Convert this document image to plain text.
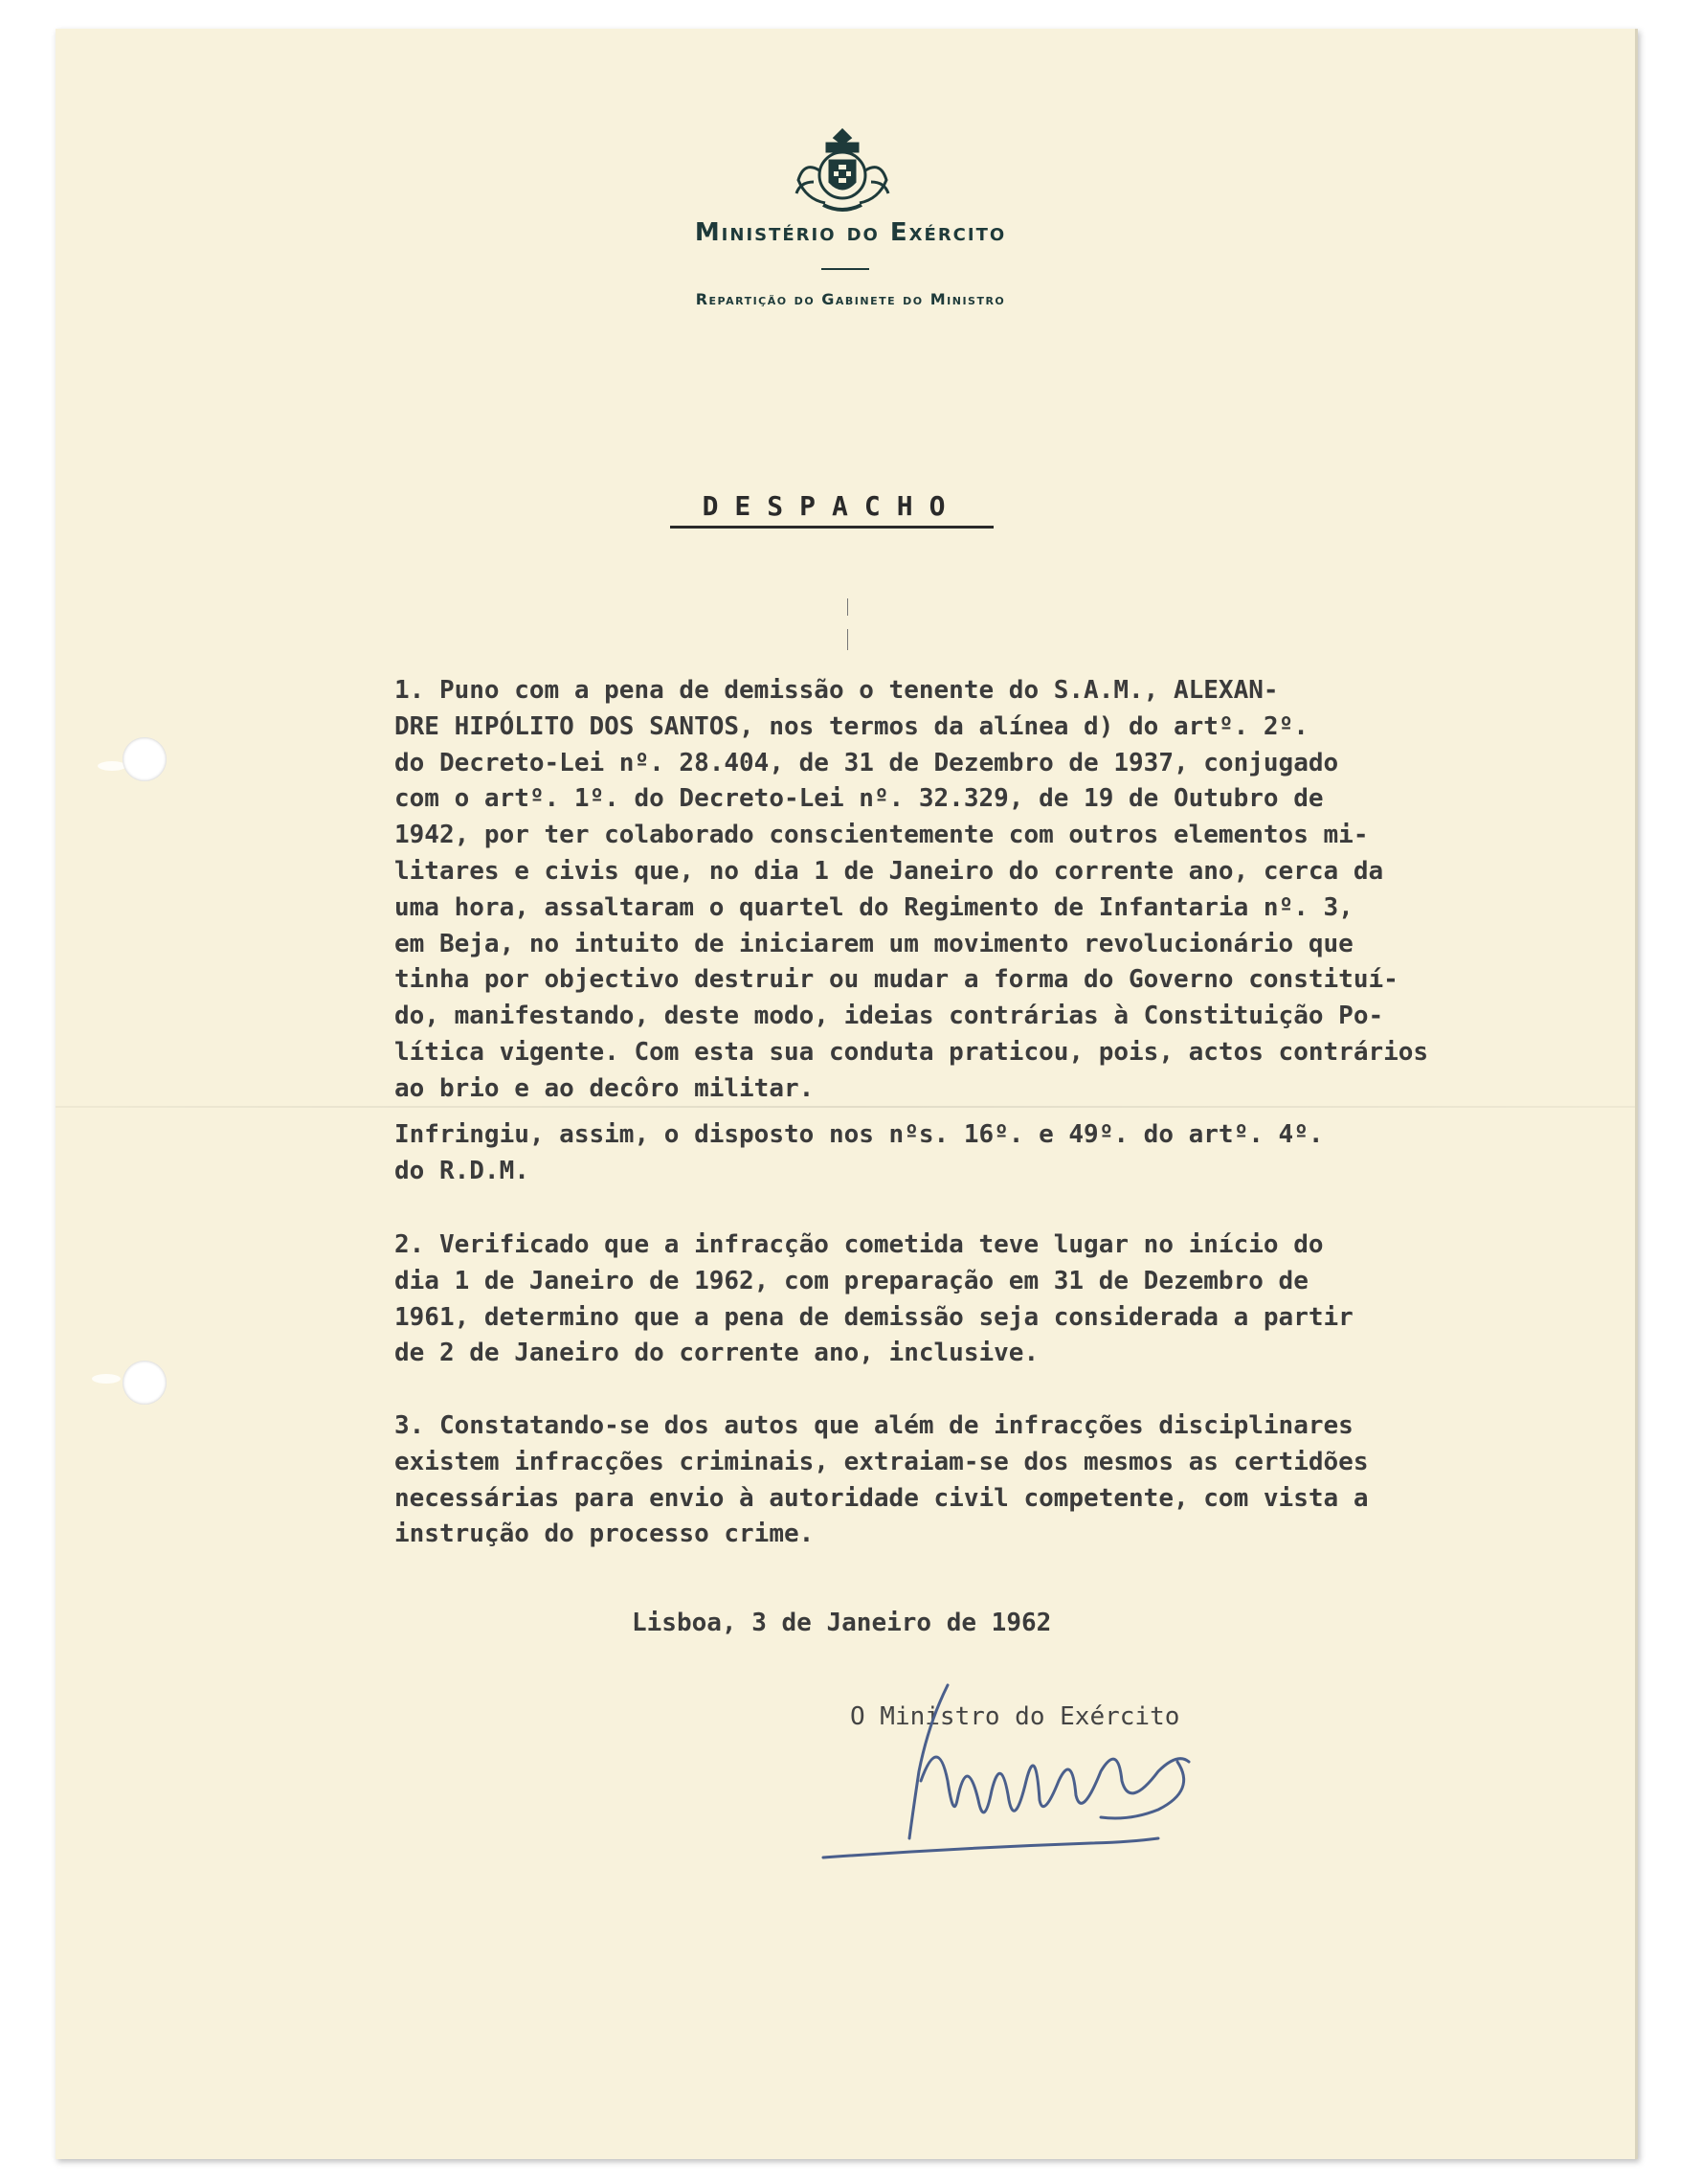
Ministério do Exército
Repartição do Gabinete do Ministro
DESPACHO
1. Puno com a pena de demissão o tenente do S.A.M., ALEXAN-
DRE HIPÓLITO DOS SANTOS, nos termos da alínea d) do artº. 2º.
do Decreto-Lei nº. 28.404, de 31 de Dezembro de 1937, conjugado
com o artº. 1º. do Decreto-Lei nº. 32.329, de 19 de Outubro de
1942, por ter colaborado conscientemente com outros elementos mi-
litares e civis que, no dia 1 de Janeiro do corrente ano, cerca da
uma hora, assaltaram o quartel do Regimento de Infantaria nº. 3,
em Beja, no intuito de iniciarem um movimento revolucionário que
tinha por objectivo destruir ou mudar a forma do Governo constituí-
do, manifestando, deste modo, ideias contrárias à Constituição Po-
lítica vigente. Com esta sua conduta praticou, pois, actos contrários
ao brio e ao decôro militar.
Infringiu, assim, o disposto nos nºs. 16º. e 49º. do artº. 4º.
do R.D.M.
2. Verificado que a infracção cometida teve lugar no início do
dia 1 de Janeiro de 1962, com preparação em 31 de Dezembro de
1961, determino que a pena de demissão seja considerada a partir
de 2 de Janeiro do corrente ano, inclusive.
3. Constatando-se dos autos que além de infracções disciplinares
existem infracções criminais, extraiam-se dos mesmos as certidões
necessárias para envio à autoridade civil competente, com vista a
instrução do processo crime.
Lisboa, 3 de Janeiro de 1962
O Ministro do Exército
